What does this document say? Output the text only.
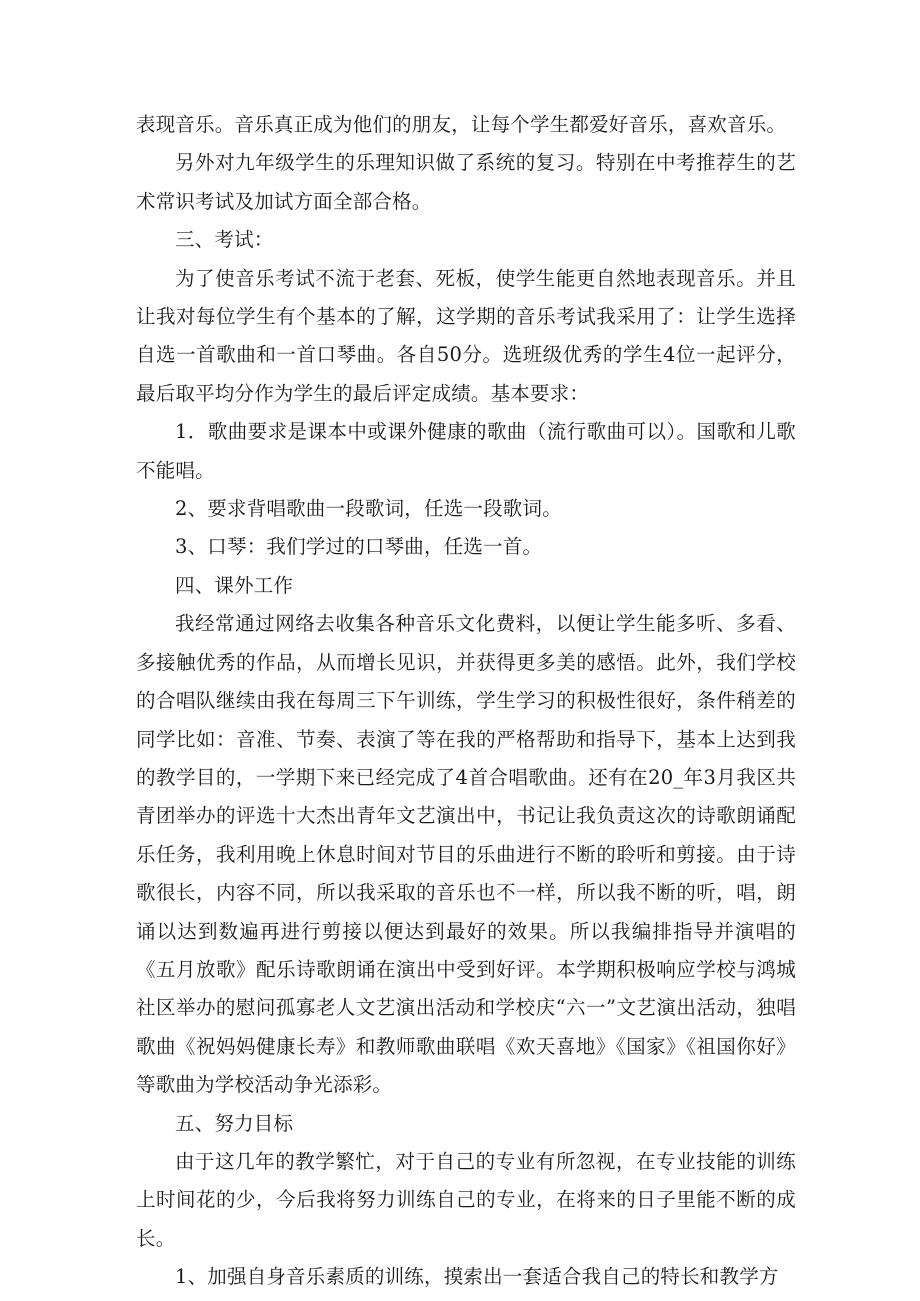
表现音乐。音乐真正成为他们的朋友，让每个学生都爱好音乐，喜欢音乐。

另外对九年级学生的乐理知识做了系统的复习。特别在中考推荐生的艺术常识考试及加试方面全部合格。

三、考试：

为了使音乐考试不流于老套、死板，使学生能更自然地表现音乐。并且让我对每位学生有个基本的了解，这学期的音乐考试我采用了：让学生选择自选一首歌曲和一首口琴曲。各自50分。选班级优秀的学生4位一起评分，最后取平均分作为学生的最后评定成绩。基本要求：

1．歌曲要求是课本中或课外健康的歌曲（流行歌曲可以）。国歌和儿歌不能唱。

2、要求背唱歌曲一段歌词，任选一段歌词。

3、口琴：我们学过的口琴曲，任选一首。

四、课外工作

我经常通过网络去收集各种音乐文化费料，以便让学生能多听、多看、多接触优秀的作品，从而增长见识，并获得更多美的感悟。此外，我们学校的合唱队继续由我在每周三下午训练，学生学习的积极性很好，条件稍差的同学比如：音准、节奏、表演了等在我的严格帮助和指导下，基本上达到我的教学目的，一学期下来已经完成了4首合唱歌曲。还有在20_年3月我区共青团举办的评选十大杰出青年文艺演出中，书记让我负责这次的诗歌朗诵配乐任务，我利用晚上休息时间对节目的乐曲进行不断的聆听和剪接。由于诗歌很长，内容不同，所以我采取的音乐也不一样，所以我不断的听，唱，朗诵以达到数遍再进行剪接以便达到最好的效果。所以我编排指导并演唱的《五月放歌》配乐诗歌朗诵在演出中受到好评。本学期积极响应学校与鸿城社区举办的慰问孤寡老人文艺演出活动和学校庆“六一”文艺演出活动，独唱歌曲《祝妈妈健康长寿》和教师歌曲联唱《欢天喜地》《国家》《祖国你好》等歌曲为学校活动争光添彩。

五、努力目标

由于这几年的教学繁忙，对于自己的专业有所忽视，在专业技能的训练上时间花的少，今后我将努力训练自己的专业，在将来的日子里能不断的成长。

1、加强自身音乐素质的训练，摸索出一套适合我自己的特长和教学方
